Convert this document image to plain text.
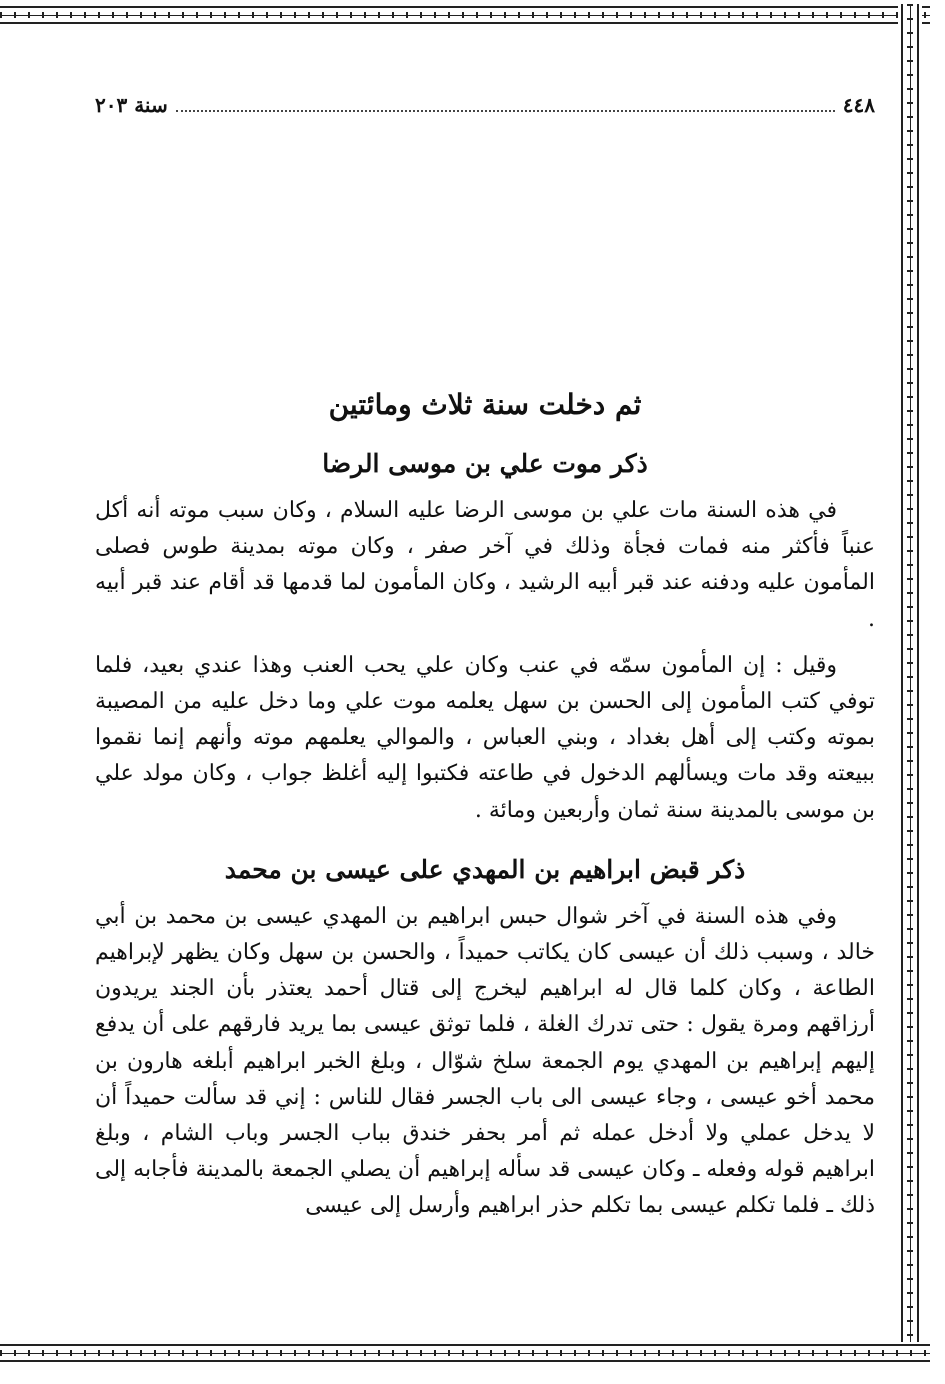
٤٤٨
سنة ٢٠٣
ثم دخلت سنة ثلاث ومائتين
ذكر موت علي بن موسى الرضا

في هذه السنة مات علي بن موسى الرضا عليه السلام ، وكان سبب موته أنه أكل عنباً فأكثر منه فمات فجأة وذلك في آخر صفر ، وكان موته بمدينة طوس فصلى المأمون عليه ودفنه عند قبر أبيه الرشيد ، وكان المأمون لما قدمها قد أقام عند قبر أبيه .

وقيل : إن المأمون سمّه في عنب وكان علي يحب العنب وهذا عندي بعيد، فلما توفي كتب المأمون إلى الحسن بن سهل يعلمه موت علي وما دخل عليه من المصيبة بموته وكتب إلى أهل بغداد ، وبني العباس ، والموالي يعلمهم موته وأنهم إنما نقموا ببيعته وقد مات ويسألهم الدخول في طاعته فكتبوا إليه أغلظ جواب ، وكان مولد علي بن موسى بالمدينة سنة ثمان وأربعين ومائة .

ذكر قبض ابراهيم بن المهدي على عيسى بن محمد

وفي هذه السنة في آخر شوال حبس ابراهيم بن المهدي عيسى بن محمد بن أبي خالد ، وسبب ذلك أن عيسى كان يكاتب حميداً ، والحسن بن سهل وكان يظهر لإبراهيم الطاعة ، وكان كلما قال له ابراهيم ليخرج إلى قتال أحمد يعتذر بأن الجند يريدون أرزاقهم ومرة يقول : حتى تدرك الغلة ، فلما توثق عيسى بما يريد فارقهم على أن يدفع إليهم إبراهيم بن المهدي يوم الجمعة سلخ شوّال ، وبلغ الخبر ابراهيم أبلغه هارون بن محمد أخو عيسى ، وجاء عيسى الى باب الجسر فقال للناس : إني قد سألت حميداً أن لا يدخل عملي ولا أدخل عمله ثم أمر بحفر خندق بباب الجسر وباب الشام ، وبلغ ابراهيم قوله وفعله ـ وكان عيسى قد سأله إبراهيم أن يصلي الجمعة بالمدينة فأجابه إلى ذلك ـ فلما تكلم عيسى بما تكلم حذر ابراهيم وأرسل إلى عيسى
